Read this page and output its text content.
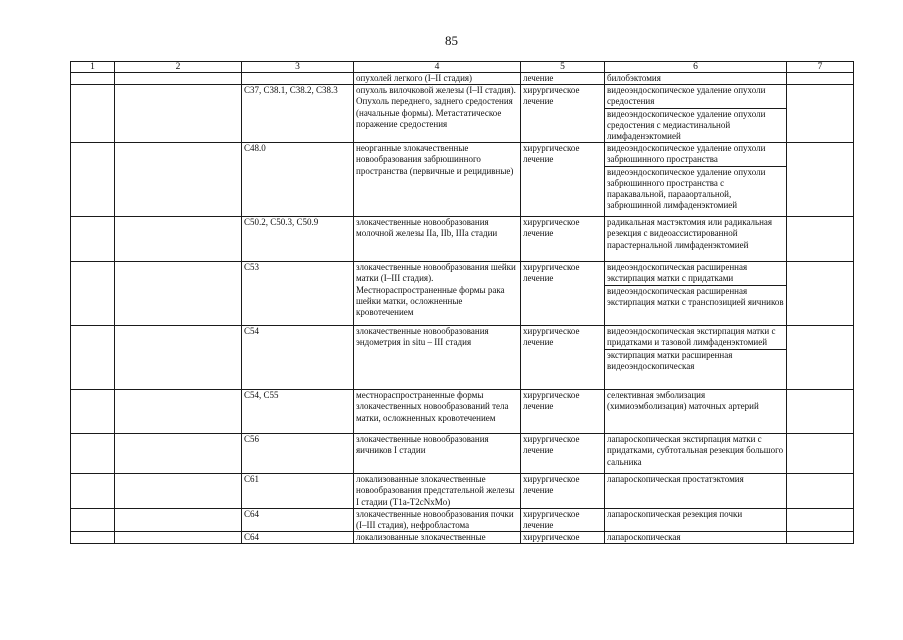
85
1	2	3	4	5	6	7
			опухолей легкого (I–II стадия)	лечение	билобэктомия	

		C37, C38.1, C38.2, C38.3	опухоль вилочковой железы (I–II стадия). Опухоль переднего, заднего средостения (начальные формы). Метастатическое поражение средостения	хирургическое лечение	видеоэндоскопическое удаление опухоли средостения
видеоэндоскопическое удаление опухоли средостения с медиастинальной лимфаденэктомией	

		C48.0	неорганные злокачественные новообразования забрюшинного пространства (первичные и рецидивные)	хирургическое лечение	видеоэндоскопическое удаление опухоли забрюшинного пространства
видеоэндоскопическое удаление опухоли забрюшинного пространства с паракавальной, парааортальной, забрюшинной лимфаденэктомией	

		C50.2, C50.3, C50.9	злокачественные новообразования молочной железы IIa, IIb, IIIa стадии	хирургическое лечение	радикальная мастэктомия или радикальная резекция с видеоассистированной парастернальной лимфаденэктомией	

		C53	злокачественные новообразования шейки матки (I–III стадия). Местнораспространенные формы рака шейки матки, осложненные кровотечением	хирургическое лечение	видеоэндоскопическая расширенная экстирпация матки с придатками
видеоэндоскопическая расширенная экстирпация матки с транспозицией яичников	

		C54	злокачественные новообразования эндометрия in situ – III стадия	хирургическое лечение	видеоэндоскопическая экстирпация матки с придатками и тазовой лимфаденэктомией
экстирпация матки расширенная видеоэндоскопическая	

		C54, C55	местнораспространенные формы злокачественных новообразований тела матки, осложненных кровотечением	хирургическое лечение	селективная эмболизация (химиоэмболизация) маточных артерий	

		C56	злокачественные новообразования яичников I стадии	хирургическое лечение	лапароскопическая экстирпация матки с придатками, субтотальная резекция большого сальника	

		C61	локализованные злокачественные новообразования предстательной железы I стадии (T1a-T2cNxMo)	хирургическое лечение	лапароскопическая простатэктомия	

		C64	злокачественные новообразования почки (I–III стадия), нефробластома	хирургическое лечение	лапароскопическая резекция почки	

		C64	локализованные злокачественные	хирургическое	лапароскопическая	
